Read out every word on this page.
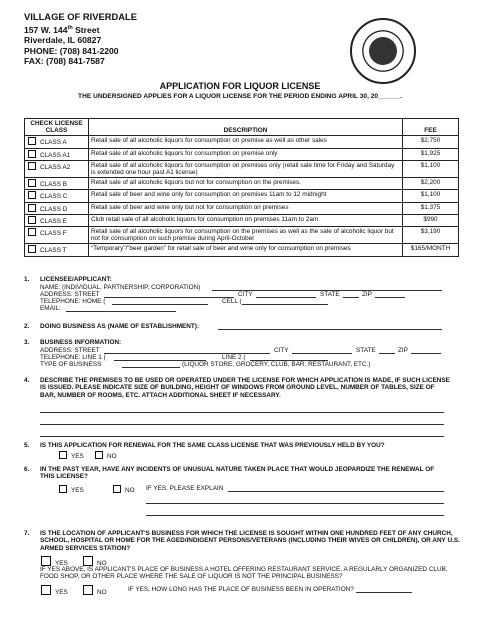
VILLAGE OF RIVERDALE
157 W. 144th Street
Riverdale, IL 60827
PHONE: (708) 841-2200
FAX: (708) 841-7587
APPLICATION FOR LIQUOR LICENSE
THE UNDERSIGNED APPLIES FOR A LIQUOR LICENSE FOR THE PERIOD ENDING APRIL 30, 20______.
CHECK LICENSE CLASS	DESCRIPTION	FEE
CLASS A	Retail sale of all alcoholic liquors for consumption on premise as well as other sales	$2,750
CLASS A1	Retail sale of all alcoholic liquors for consumption on premise only	$1,925
CLASS A2	Retail sale of all alcoholic liquors for consumption on premises only (retail sale time for Friday and Saturday is extended one hour past A1 license)	$1,100
CLASS B	Retail sale of all alcoholic liquors but not for consumption on the premises.	$2,200
CLASS C	Retail sale of beer and wine only for consumption on premises 11am to 12 midnight	$1,100
CLASS D	Retail sale of beer and wine only but not for consumption on premises	$1,375
CLASS E	Club retail sale of all alcoholic liquors for consumption on premises 11am to 2am	$990
CLASS F	Retail sale of all alcoholic liquors for consumption on the premises as well as the sale of alcoholic liquor but not for consumption on such premise during April-October	$3,190
CLASS T	“Temporary”/”beer garden” for retail sale of beer and wine only for consumption on premises	$165/MONTH
1. LICENSEE/APPLICANT:
NAME: (INDIVIDUAL, PARTNERSHIP, CORPORATION)
ADDRESS: STREET	CITY	STATE	ZIP
TELEPHONE: HOME (	CELL (
EMAIL:
2. DOING BUSINESS AS (NAME OF ESTABLISHMENT):
3. BUSINESS INFORMATION:
ADDRESS: STREET	CITY	STATE	ZIP
TELEPHONE: LINE 1 (	LINE 2 (
TYPE OF BUSINESS	(LIQUOR STORE, GROCERY, CLUB, BAR, RESTAURANT, ETC.)
4. DESCRIBE THE PREMISES TO BE USED OR OPERATED UNDER THE LICENSE FOR WHICH APPLICATION IS MADE, IF SUCH LICENSE IS ISSUED. PLEASE INDICATE SIZE OF BUILDING, HEIGHT OF WINDOWS FROM GROUND LEVEL, NUMBER OF TABLES, SIZE OF BAR, NUMBER OF ROOMS, ETC. ATTACH ADDITIONAL SHEET IF NECESSARY.
5. IS THIS APPLICATION FOR RENEWAL FOR THE SAME CLASS LICENSE THAT WAS PREVIOUSLY HELD BY YOU?
YES	NO
6. IN THE PAST YEAR, HAVE ANY INCIDENTS OF UNUSUAL NATURE TAKEN PLACE THAT WOULD JEOPARDIZE THE RENEWAL OF THIS LICENSE?
YES	NO IF YES, PLEASE EXPLAIN
7. IS THE LOCATION OF APPLICANT'S BUSINESS FOR WHICH THE LICENSE IS SOUGHT WITHIN ONE HUNDRED FEET OF ANY CHURCH, SCHOOL, HOSPITAL OR HOME FOR THE AGED/INDIGENT PERSONS/VETERANS (INCLUDING THEIR WIVES OR CHILDREN), OR ANY U.S. ARMED SERVICES STATION?
YES	NO
IF YES ABOVE, IS APPLICANT'S PLACE OF BUSINESS A HOTEL OFFERING RESTAURANT SERVICE, A REGULARLY ORGANIZED CLUB, FOOD SHOP, OR OTHER PLACE WHERE THE SALE OF LIQUOR IS NOT THE PRINCIPAL BUSINESS?
YES	NO	IF YES, HOW LONG HAS THE PLACE OF BUSINESS BEEN IN OPERATION?
